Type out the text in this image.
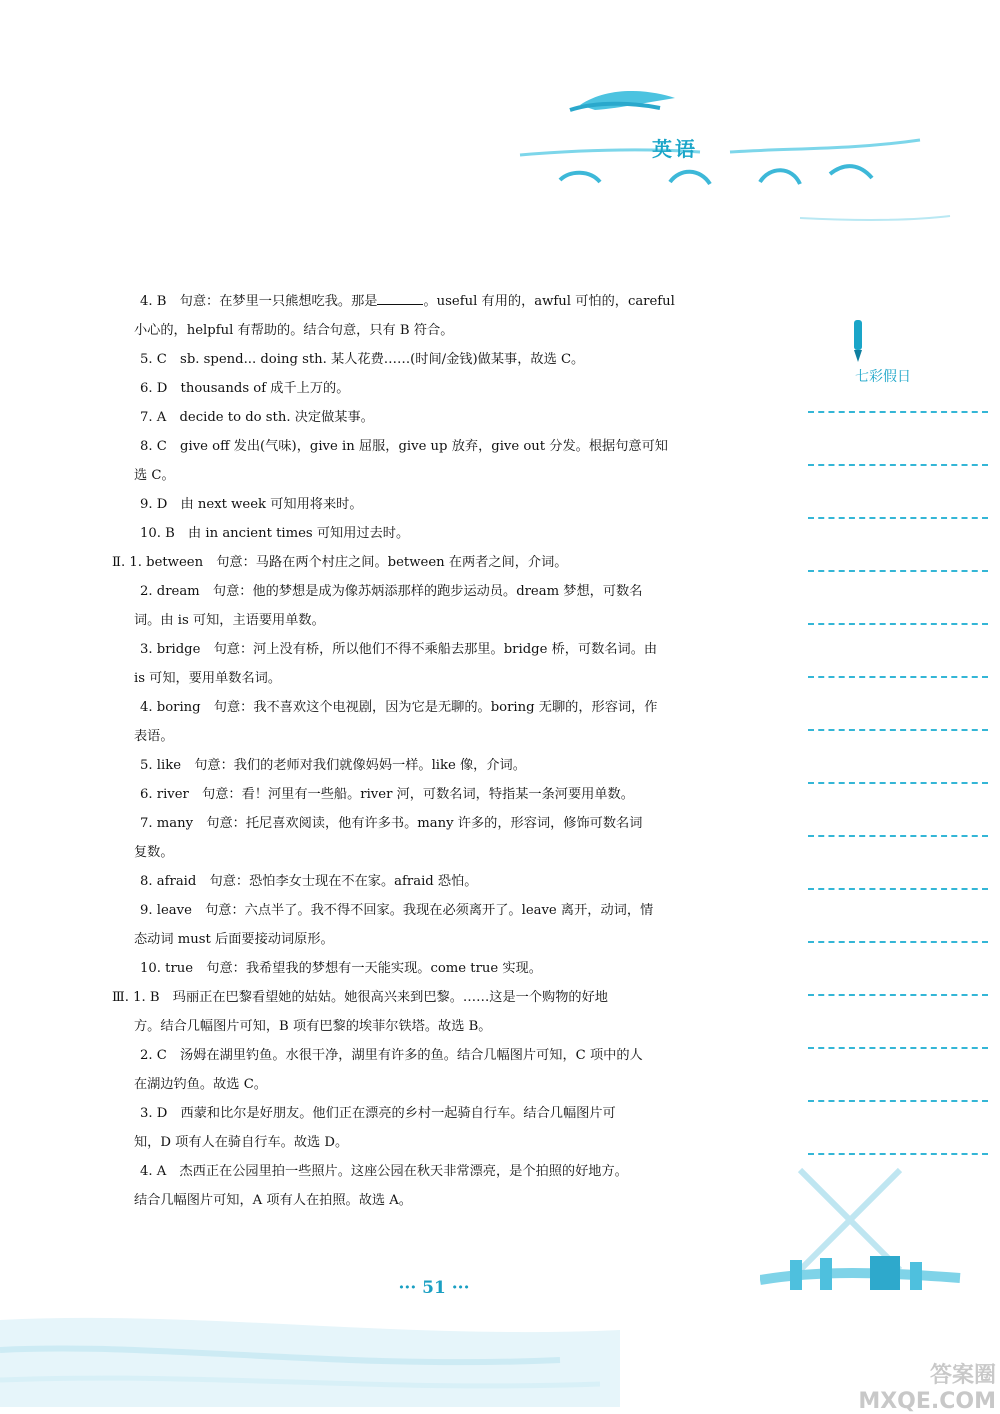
英语
七彩假日
4. B　句意：在梦里一只熊想吃我。那是	。useful 有用的，awful 可怕的，careful
小心的，helpful 有帮助的。结合句意，只有 B 符合。
5. C　sb. spend... doing sth. 某人花费……(时间/金钱)做某事，故选 C。
6. D　thousands of 成千上万的。
7. A　decide to do sth. 决定做某事。
8. C　give off 发出(气味)，give in 屈服，give up 放弃，give out 分发。根据句意可知
选 C。
9. D　由 next week 可知用将来时。
10. B　由 in ancient times 可知用过去时。
Ⅱ. 1. between　句意：马路在两个村庄之间。between 在两者之间，介词。
2. dream　句意：他的梦想是成为像苏炳添那样的跑步运动员。dream 梦想，可数名
词。由 is 可知，主语要用单数。
3. bridge　句意：河上没有桥，所以他们不得不乘船去那里。bridge 桥，可数名词。由
is 可知，要用单数名词。
4. boring　句意：我不喜欢这个电视剧，因为它是无聊的。boring 无聊的，形容词，作
表语。
5. like　句意：我们的老师对我们就像妈妈一样。like 像，介词。
6. river　句意：看！河里有一些船。river 河，可数名词，特指某一条河要用单数。
7. many　句意：托尼喜欢阅读，他有许多书。many 许多的，形容词，修饰可数名词
复数。
8. afraid　句意：恐怕李女士现在不在家。afraid 恐怕。
9. leave　句意：六点半了。我不得不回家。我现在必须离开了。leave 离开，动词，情
态动词 must 后面要接动词原形。
10. true　句意：我希望我的梦想有一天能实现。come true 实现。
Ⅲ. 1. B　玛丽正在巴黎看望她的姑姑。她很高兴来到巴黎。……这是一个购物的好地
方。结合几幅图片可知，B 项有巴黎的埃菲尔铁塔。故选 B。
2. C　汤姆在湖里钓鱼。水很干净，湖里有许多的鱼。结合几幅图片可知，C 项中的人
在湖边钓鱼。故选 C。
3. D　西蒙和比尔是好朋友。他们正在漂亮的乡村一起骑自行车。结合几幅图片可
知，D 项有人在骑自行车。故选 D。
4. A　杰西正在公园里拍一些照片。这座公园在秋天非常漂亮，是个拍照的好地方。
结合几幅图片可知，A 项有人在拍照。故选 A。
··· 51 ···
答案圈 MXQE.COM
